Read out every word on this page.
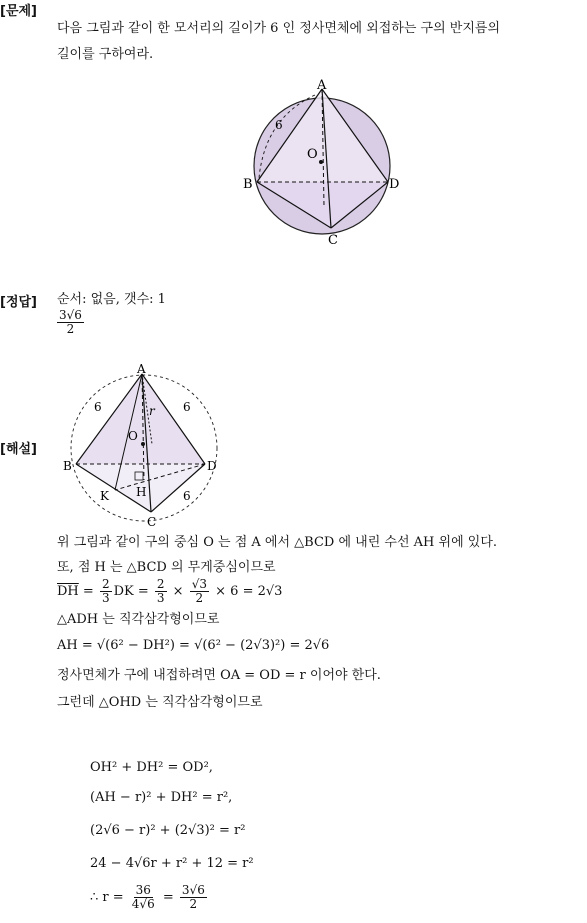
[문제]
다음 그림과 같이 한 모서리의 길이가 6 인 정사면체에 외접하는 구의 반지름의
길이를 구하여라.
A
B
C
D
O
6
[정답] 순서: 없음, 갯수: 1
$\frac{3√6}{2}$
[해설]
A
B
C
D
O
H
K
r
6	6
6
위 그림과 같이 구의 중심 O 는 점 A 에서 △BCD 에 내린 수선 AH 위에 있다.
또, 점 H 는 △BCD 의 무게중심이므로
$\overline{DH} = \frac{2}{3}$ DK =
$\frac{2}{3}$
×
$\frac{√3}{2}$
× 6 = 2√3
△ADH 는 직각삼각형이므로
AH = √(6² − DH²) = √(6² − (2√3)²) = 2√6
정사면체가 구에 내접하려면 OA = OD = r 이어야 한다.
그런데 △OHD 는 직각삼각형이므로
OH² + DH² = OD²,
(AH − r)² + DH² = r²,
(2√6 − r)² + (2√3)² = r²
24 − 4√6r + r² + 12 = r²
∴ r =
$\frac{36}{4√6}$
=
$\frac{3√6}{2}$
